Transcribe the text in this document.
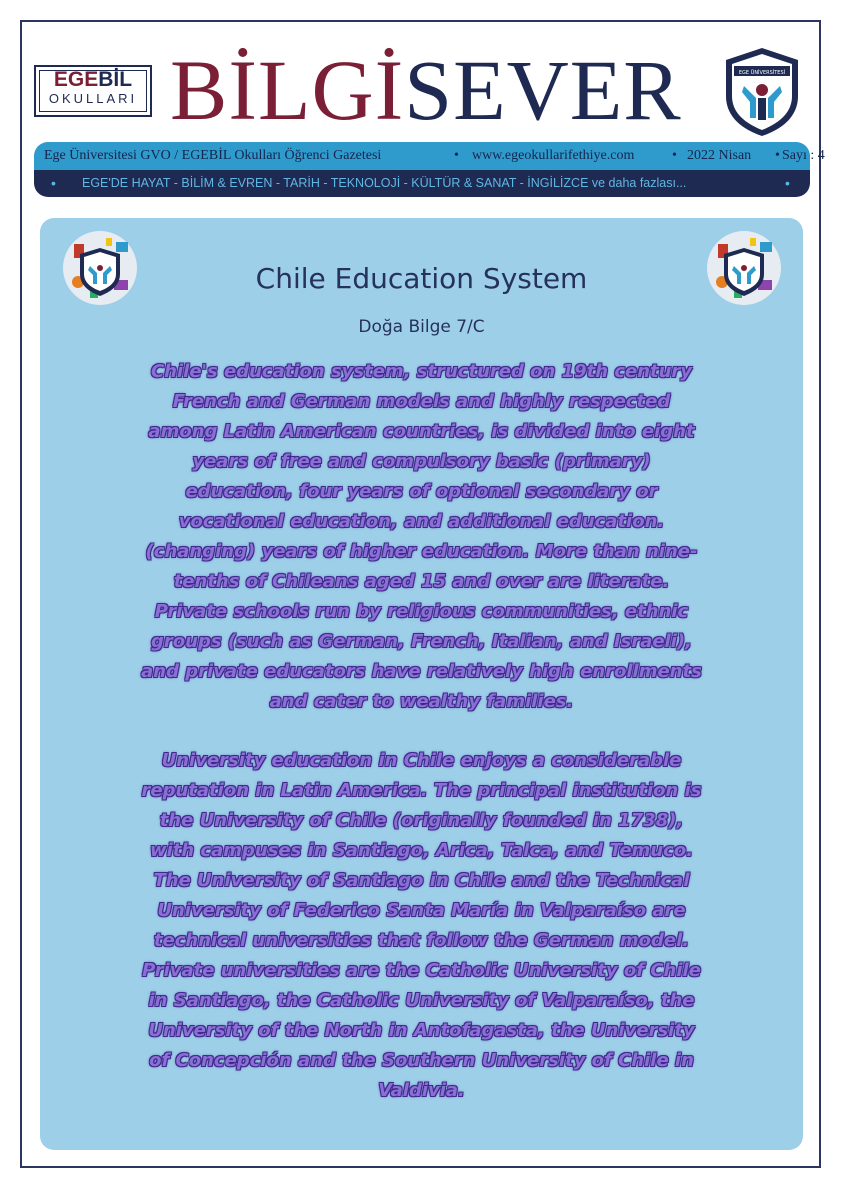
EGEBİL
OKULLARI BİLGİSEVER	EGE ÜNİVERSİTESİ
Ege Üniversitesi GVO / EGEBİL Okulları Öğrenci Gazetesi	• www.egeokullarifethiye.com	• 2022 Nisan • Sayı : 4
• EGE'DE HAYAT - BİLİM & EVREN - TARİH - TEKNOLOJİ - KÜLTÜR & SANAT - İNGİLİZCE ve daha fazlası...	•
Chile Education System
Doğa Bilge 7/C
Chile's education system, structured on 19th century French and German models and highly respected among Latin American countries, is divided into eight years of free and compulsory basic (primary) education, four years of optional secondary or vocational education, and additional education. (changing) years of higher education. More than nine-tenths of Chileans aged 15 and over are literate. Private schools run by religious communities, ethnic groups (such as German, French, Italian, and Israeli), and private educators have relatively high enrollments and cater to wealthy families.
University education in Chile enjoys a considerable reputation in Latin America. The principal institution is the University of Chile (originally founded in 1738), with campuses in Santiago, Arica, Talca, and Temuco. The University of Santiago in Chile and the Technical University of Federico Santa María in Valparaíso are technical universities that follow the German model. Private universities are the Catholic University of Chile in Santiago, the Catholic University of Valparaíso, the University of the North in Antofagasta, the University of Concepción and the Southern University of Chile in Valdivia.
